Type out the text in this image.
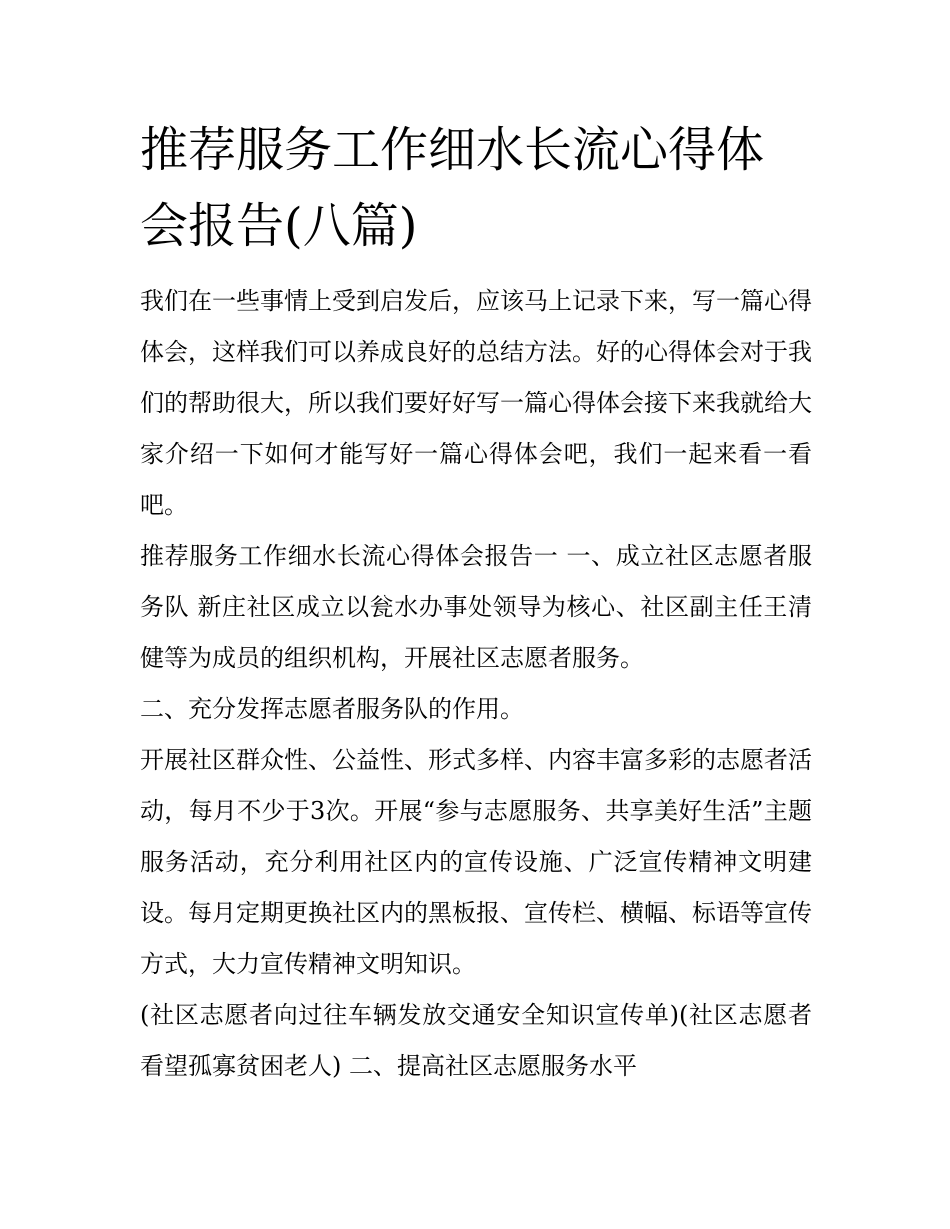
推荐服务工作细水长流心得体会报告(八篇)

我们在一些事情上受到启发后，应该马上记录下来，写一篇心得体会，这样我们可以养成良好的总结方法。好的心得体会对于我们的帮助很大，所以我们要好好写一篇心得体会接下来我就给大家介绍一下如何才能写好一篇心得体会吧，我们一起来看一看吧。

推荐服务工作细水长流心得体会报告一 一、成立社区志愿者服务队 新庄社区成立以瓮水办事处领导为核心、社区副主任王清健等为成员的组织机构，开展社区志愿者服务。

二、充分发挥志愿者服务队的作用。

开展社区群众性、公益性、形式多样、内容丰富多彩的志愿者活动，每月不少于3次。开展“参与志愿服务、共享美好生活”主题服务活动，充分利用社区内的宣传设施、广泛宣传精神文明建设。每月定期更换社区内的黑板报、宣传栏、横幅、标语等宣传方式，大力宣传精神文明知识。

(社区志愿者向过往车辆发放交通安全知识宣传单)(社区志愿者看望孤寡贫困老人) 二、提高社区志愿服务水平
